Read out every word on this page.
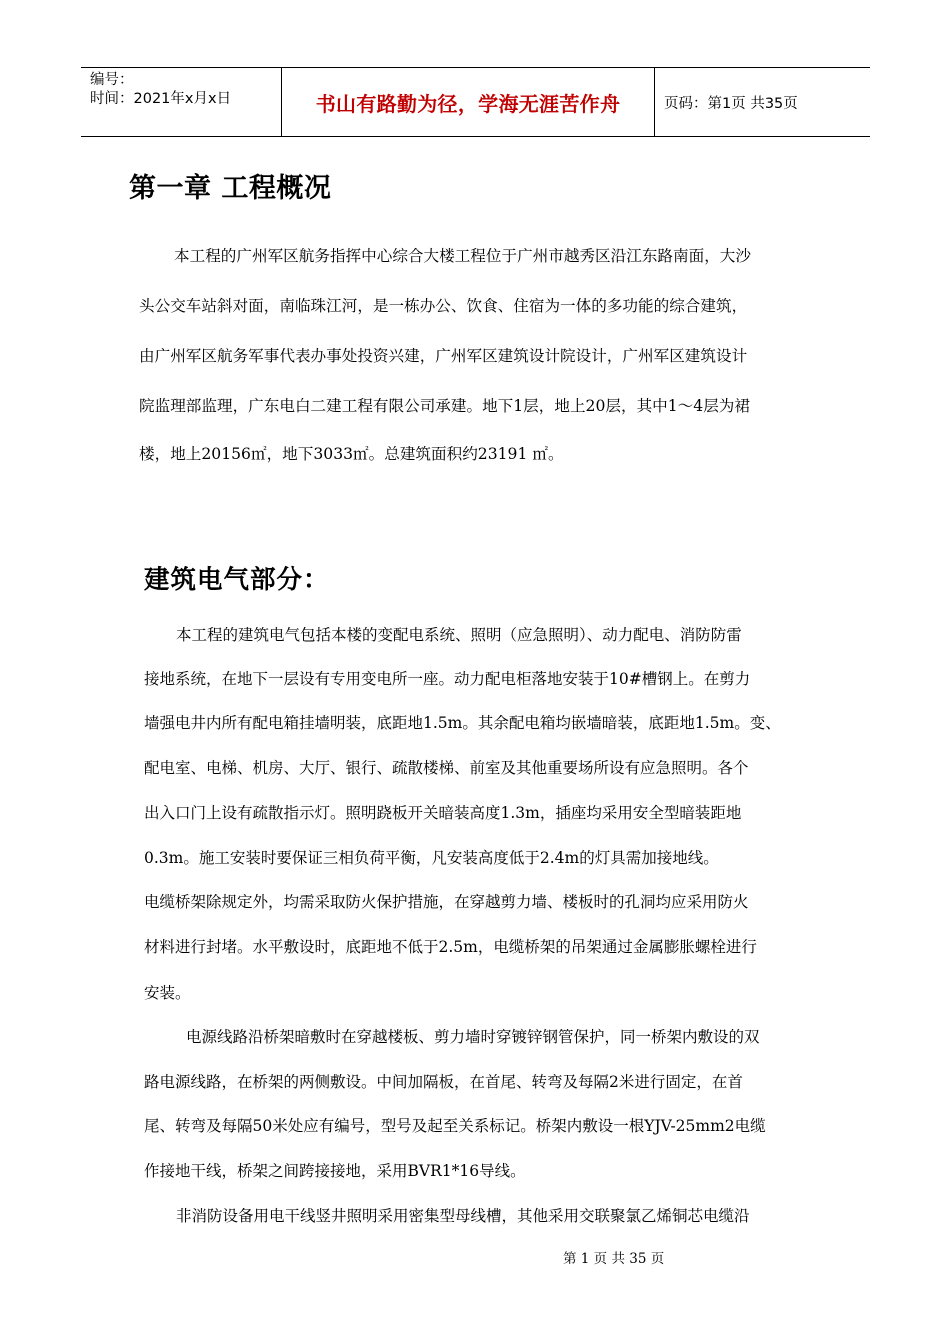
编号：
时间：2021年x月x日	书山有路勤为径，学海无涯苦作舟	页码：第1页 共35页
第一章 工程概况
本工程的广州军区航务指挥中心综合大楼工程位于广州市越秀区沿江东路南面，大沙
头公交车站斜对面，南临珠江河，是一栋办公、饮食、住宿为一体的多功能的综合建筑，
由广州军区航务军事代表办事处投资兴建，广州军区建筑设计院设计，广州军区建筑设计
院监理部监理，广东电白二建工程有限公司承建。地下1层，地上20层，其中1～4层为裙
楼，地上20156㎡，地下3033㎡。总建筑面积约23191 ㎡。
建筑电气部分：
本工程的建筑电气包括本楼的变配电系统、照明（应急照明）、动力配电、消防防雷
接地系统，在地下一层设有专用变电所一座。动力配电柜落地安装于10#槽钢上。在剪力
墙强电井内所有配电箱挂墙明装，底距地1.5m。其余配电箱均嵌墙暗装，底距地1.5m。变、
配电室、电梯、机房、大厅、银行、疏散楼梯、前室及其他重要场所设有应急照明。各个
出入口门上设有疏散指示灯。照明跷板开关暗装高度1.3m，插座均采用安全型暗装距地
0.3m。施工安装时要保证三相负荷平衡，凡安装高度低于2.4m的灯具需加接地线。
电缆桥架除规定外，均需采取防火保护措施，在穿越剪力墙、楼板时的孔洞均应采用防火
材料进行封堵。水平敷设时，底距地不低于2.5m，电缆桥架的吊架通过金属膨胀螺栓进行
安装。
电源线路沿桥架暗敷时在穿越楼板、剪力墙时穿镀锌钢管保护，同一桥架内敷设的双
路电源线路，在桥架的两侧敷设。中间加隔板，在首尾、转弯及每隔2米进行固定，在首
尾、转弯及每隔50米处应有编号，型号及起至关系标记。桥架内敷设一根YJV-25mm2电缆
作接地干线，桥架之间跨接接地，采用BVR1*16导线。
非消防设备用电干线竖井照明采用密集型母线槽，其他采用交联聚氯乙烯铜芯电缆沿
第 1 页 共 35 页
